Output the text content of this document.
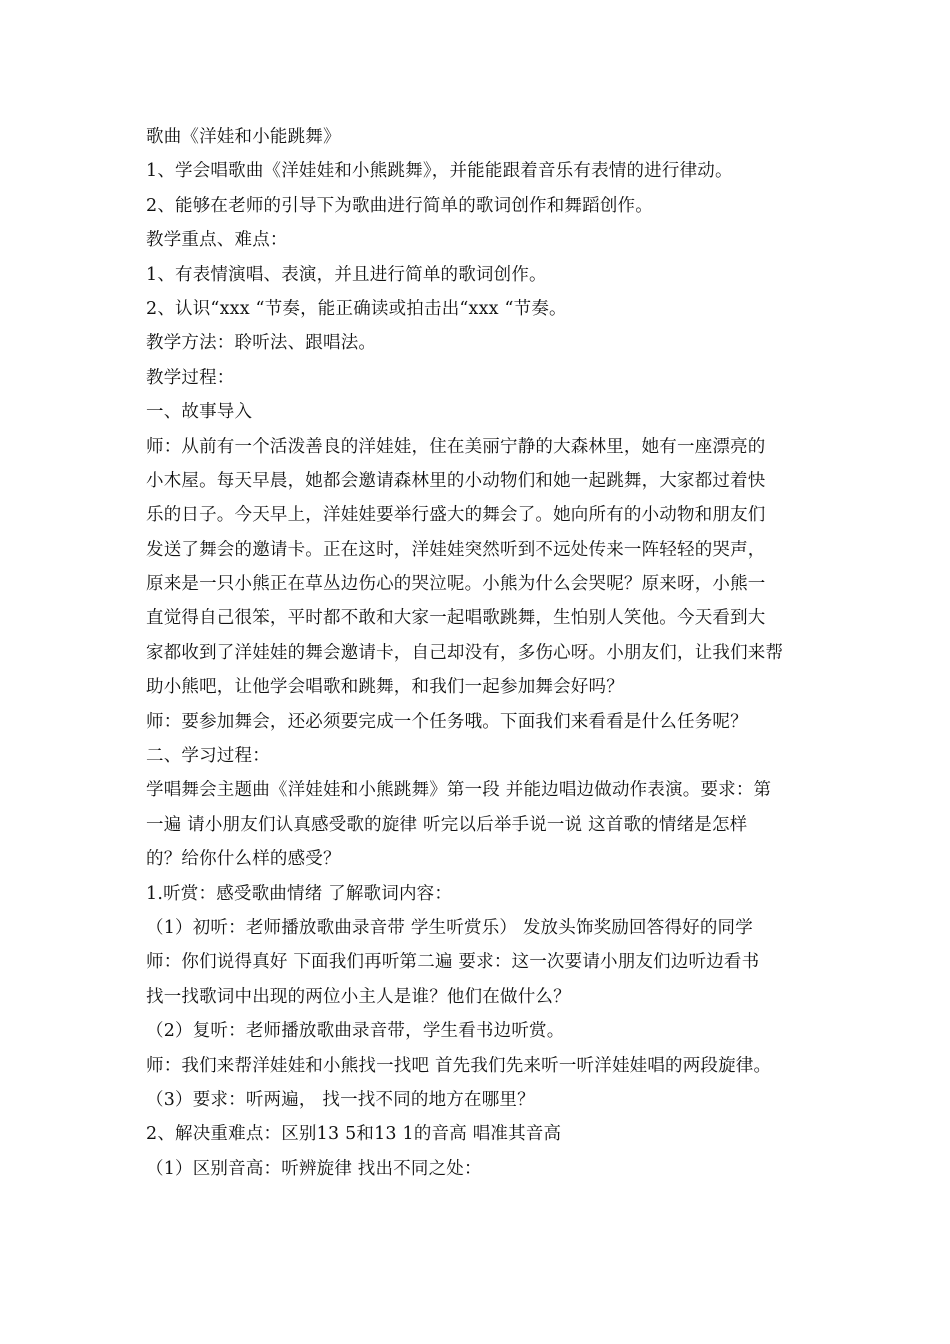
歌曲《洋娃和小能跳舞》
1、学会唱歌曲《洋娃娃和小熊跳舞》，并能能跟着音乐有表情的进行律动。
2、能够在老师的引导下为歌曲进行简单的歌词创作和舞蹈创作。
教学重点、难点：
1、有表情演唱、表演，并且进行简单的歌词创作。
2、认识“xxx “节奏，能正确读或拍击出“xxx “节奏。
教学方法：聆听法、跟唱法。
教学过程：
一、故事导入
师：从前有一个活泼善良的洋娃娃，住在美丽宁静的大森林里，她有一座漂亮的
小木屋。每天早晨，她都会邀请森林里的小动物们和她一起跳舞，大家都过着快
乐的日子。今天早上，洋娃娃要举行盛大的舞会了。她向所有的小动物和朋友们
发送了舞会的邀请卡。正在这时，洋娃娃突然听到不远处传来一阵轻轻的哭声，
原来是一只小熊正在草丛边伤心的哭泣呢。小熊为什么会哭呢？原来呀，小熊一
直觉得自己很笨，平时都不敢和大家一起唱歌跳舞，生怕别人笑他。今天看到大
家都收到了洋娃娃的舞会邀请卡，自己却没有，多伤心呀。小朋友们，让我们来帮
助小熊吧，让他学会唱歌和跳舞，和我们一起参加舞会好吗？
师：要参加舞会，还必须要完成一个任务哦。下面我们来看看是什么任务呢？
二、学习过程：
学唱舞会主题曲《洋娃娃和小熊跳舞》第一段 并能边唱边做动作表演。要求：第
一遍 请小朋友们认真感受歌的旋律 听完以后举手说一说 这首歌的情绪是怎样
的？给你什么样的感受？
1.听赏：感受歌曲情绪 了解歌词内容：
（1）初听：老师播放歌曲录音带 学生听赏乐） 发放头饰奖励回答得好的同学
师：你们说得真好 下面我们再听第二遍 要求：这一次要请小朋友们边听边看书
找一找歌词中出现的两位小主人是谁？他们在做什么？
（2）复听：老师播放歌曲录音带，学生看书边听赏。
师：我们来帮洋娃娃和小熊找一找吧 首先我们先来听一听洋娃娃唱的两段旋律。
（3）要求：听两遍， 找一找不同的地方在哪里？
2、解决重难点：区别13 5和13 1的音高 唱准其音高
（1）区别音高：听辨旋律 找出不同之处：
